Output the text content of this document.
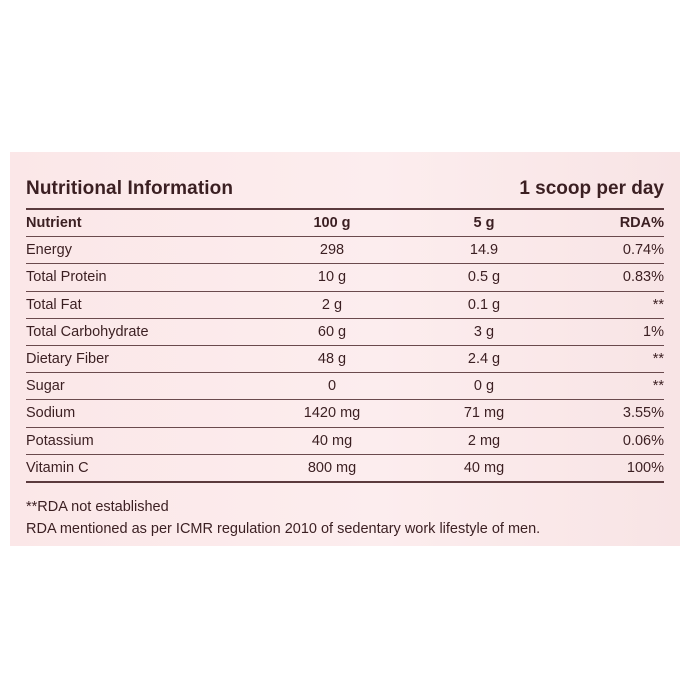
Nutritional Information	1 scoop per day
Nutrient	100 g	5 g	RDA%
Energy	298	14.9	0.74%
Total Protein	10 g	0.5 g	0.83%
Total Fat	2 g	0.1 g	**
Total Carbohydrate	60 g	3 g	1%
Dietary Fiber	48 g	2.4 g	**
Sugar	0	0 g	**
Sodium	1420 mg	71 mg	3.55%
Potassium	40 mg	2 mg	0.06%
Vitamin C	800 mg	40 mg	100%
**RDA not established
RDA mentioned as per ICMR regulation 2010 of sedentary work lifestyle of men.
